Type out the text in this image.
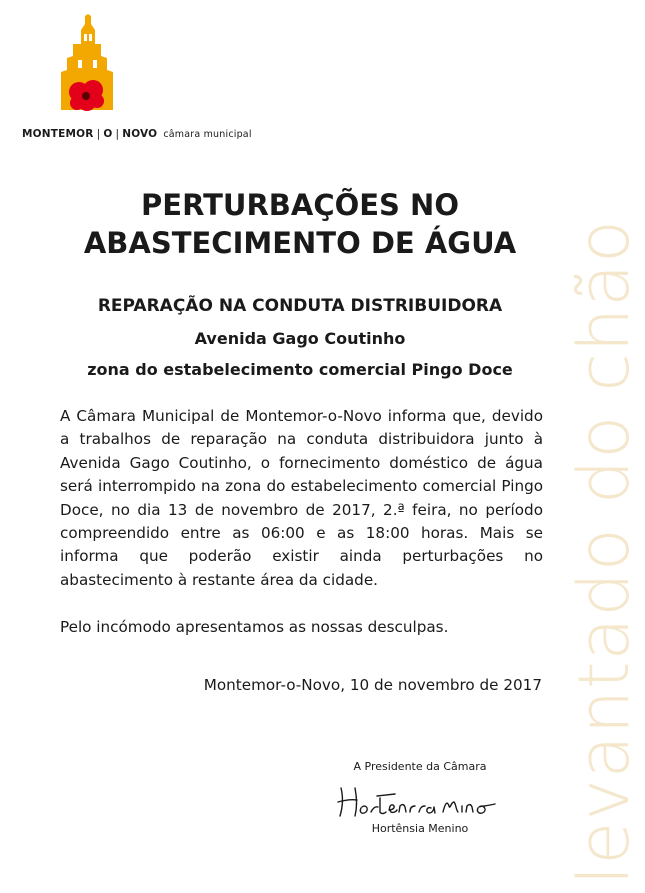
MONTEMOR | O | NOVO câmara municipal
levantado do chão
PERTURBAÇÕES NO
ABASTECIMENTO DE ÁGUA
REPARAÇÃO NA CONDUTA DISTRIBUIDORA
Avenida Gago Coutinho
zona do estabelecimento comercial Pingo Doce
A Câmara Municipal de Montemor-o-Novo informa que, devido a trabalhos de reparação na conduta distribuidora junto à Avenida Gago Coutinho, o fornecimento doméstico de água será interrompido na zona do estabelecimento comercial Pingo Doce, no dia 13 de novembro de 2017, 2.ª feira, no período compreendido entre as 06:00 e as 18:00 horas. Mais se informa que poderão existir ainda perturbações no abastecimento à restante área da cidade.
Pelo incómodo apresentamos as nossas desculpas.
Montemor-o-Novo, 10 de novembro de 2017
A Presidente da Câmara
Hortênsia Menino
